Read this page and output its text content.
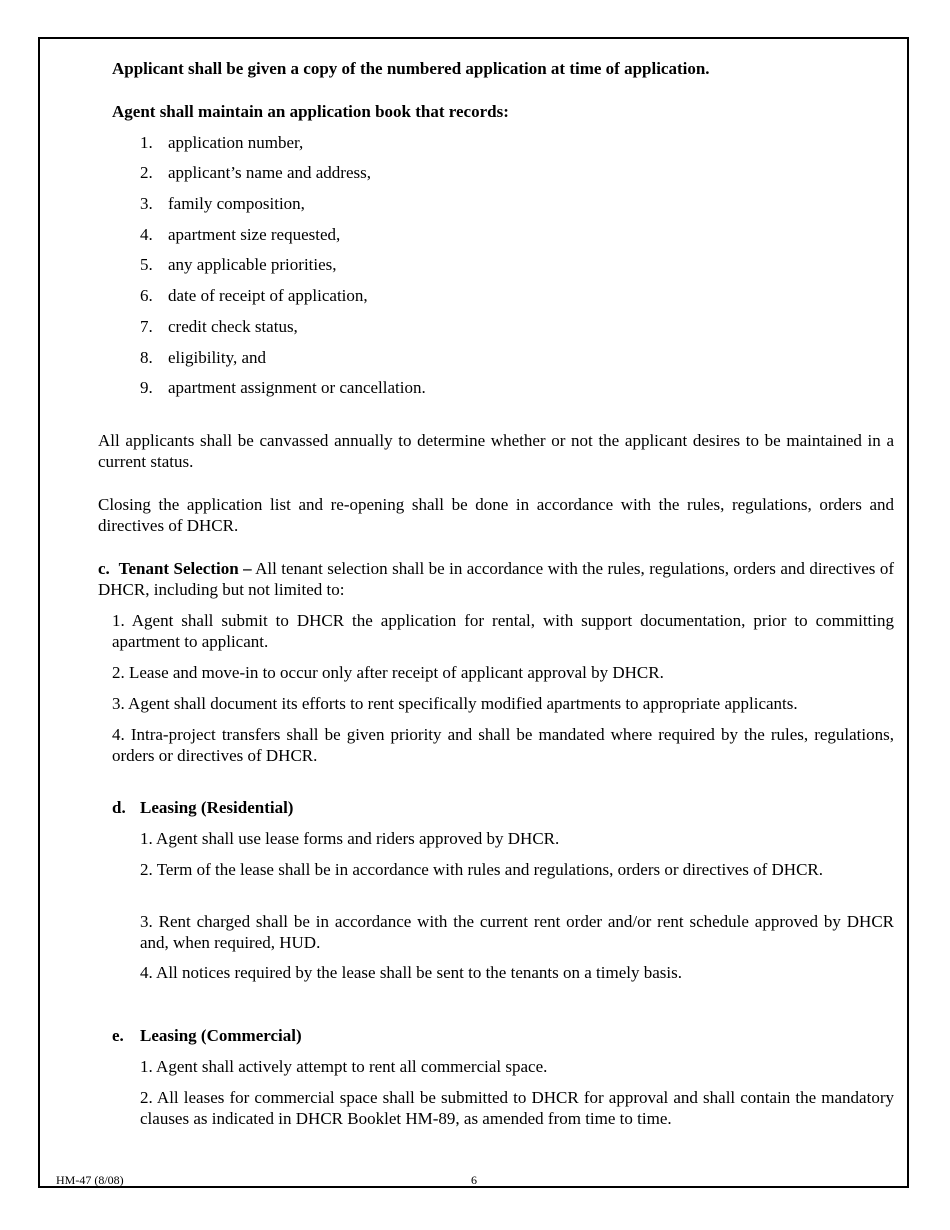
Applicant shall be given a copy of the numbered application at time of application.
Agent shall maintain an application book that records:
1. application number,
2. applicant’s name and address,
3. family composition,
4. apartment size requested,
5. any applicable priorities,
6. date of receipt of application,
7. credit check status,
8. eligibility, and
9. apartment assignment or cancellation.
All applicants shall be canvassed annually to determine whether or not the applicant desires to be maintained in a current status.
Closing the application list and re-opening shall be done in accordance with the rules, regulations, orders and directives of DHCR.
c. Tenant Selection – All tenant selection shall be in accordance with the rules, regulations, orders and directives of DHCR, including but not limited to:
1. Agent shall submit to DHCR the application for rental, with support documentation, prior to committing apartment to applicant.
2. Lease and move-in to occur only after receipt of applicant approval by DHCR.
3. Agent shall document its efforts to rent specifically modified apartments to appropriate applicants.
4. Intra-project transfers shall be given priority and shall be mandated where required by the rules, regulations, orders or directives of DHCR.
d. Leasing (Residential)
1. Agent shall use lease forms and riders approved by DHCR.
2. Term of the lease shall be in accordance with rules and regulations, orders or directives of DHCR.
3. Rent charged shall be in accordance with the current rent order and/or rent schedule approved by DHCR and, when required, HUD.
4. All notices required by the lease shall be sent to the tenants on a timely basis.
e. Leasing (Commercial)
1. Agent shall actively attempt to rent all commercial space.
2. All leases for commercial space shall be submitted to DHCR for approval and shall contain the mandatory clauses as indicated in DHCR Booklet HM-89, as amended from time to time.
HM-47 (8/08)	6
